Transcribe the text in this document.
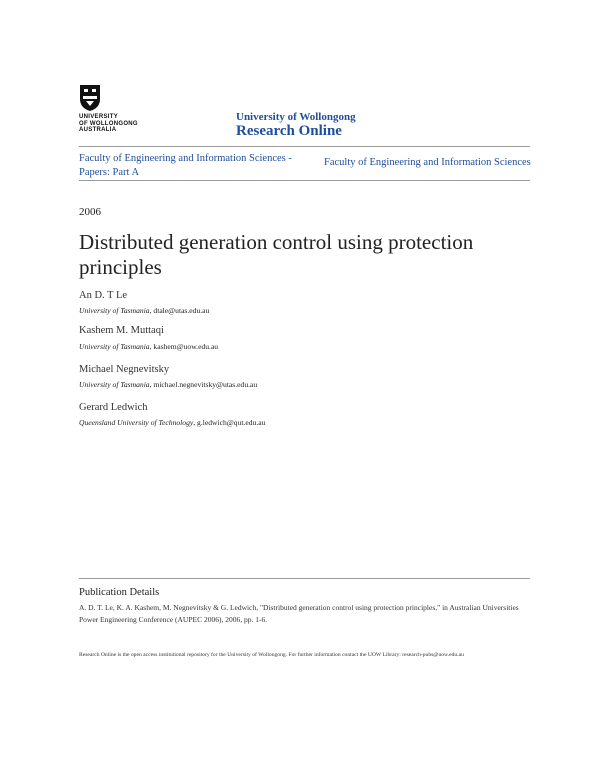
UNIVERSITY
OF WOLLONGONG
AUSTRALIA
University of Wollongong
Research Online
Faculty of Engineering and Information Sciences -
Papers: Part A
Faculty of Engineering and Information Sciences
2006
Distributed generation control using protection principles
An D. T Le
University of Tasmania, dtale@utas.edu.au
Kashem M. Muttaqi
University of Tasmania, kashem@uow.edu.au
Michael Negnevitsky
University of Tasmania, michael.negnevitsky@utas.edu.au
Gerard Ledwich
Queensland University of Technology, g.ledwich@qut.edu.au
Publication Details
A. D. T. Le, K. A. Kashem, M. Negnevitsky & G. Ledwich, "Distributed generation control using protection principles," in Australian Universities Power Engineering Conference (AUPEC 2006), 2006, pp. 1-6.
Research Online is the open access institutional repository for the University of Wollongong. For further information contact the UOW Library: research-pubs@uow.edu.au
